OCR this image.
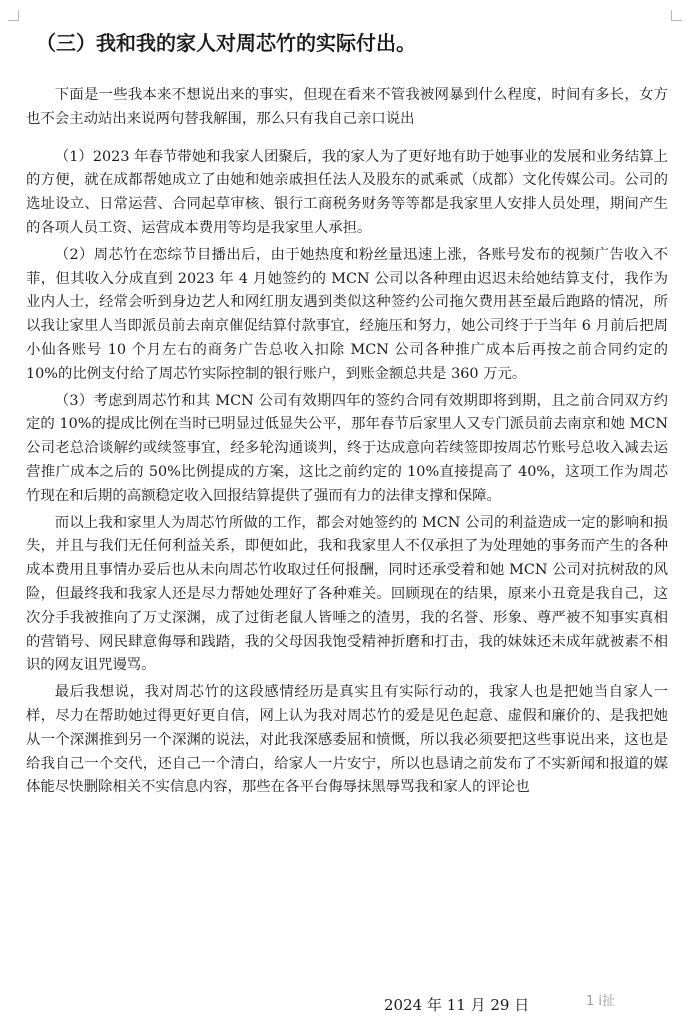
（三）我和我的家人对周芯竹的实际付出。

下面是一些我本来不想说出来的事实，但现在看来不管我被网暴到什么程度，时间有多长，女方也不会主动站出来说两句替我解围，那么只有我自己亲口说出

（1）2023 年春节带她和我家人团聚后，我的家人为了更好地有助于她事业的发展和业务结算上的方便，就在成都帮她成立了由她和她亲戚担任法人及股东的贰乘贰（成都）文化传媒公司。公司的选址设立、日常运营、合同起草审核、银行工商税务财务等等都是我家里人安排人员处理，期间产生的各项人员工资、运营成本费用等均是我家里人承担。

（2）周芯竹在恋综节目播出后，由于她热度和粉丝量迅速上涨，各账号发布的视频广告收入不菲，但其收入分成直到 2023 年 4 月她签约的 MCN 公司以各种理由迟迟未给她结算支付，我作为业内人士，经常会听到身边艺人和网红朋友遇到类似这种签约公司拖欠费用甚至最后跑路的情况，所以我让家里人当即派员前去南京催促结算付款事宜，经施压和努力，她公司终于于当年 6 月前后把周小仙各账号 10 个月左右的商务广告总收入扣除 MCN 公司各种推广成本后再按之前合同约定的 10%的比例支付给了周芯竹实际控制的银行账户，到账金额总共是 360 万元。

（3）考虑到周芯竹和其 MCN 公司有效期四年的签约合同有效期即将到期，且之前合同双方约定的 10%的提成比例在当时已明显过低显失公平，那年春节后家里人又专门派员前去南京和她 MCN 公司老总洽谈解约或续签事宜，经多轮沟通谈判，终于达成意向若续签即按周芯竹账号总收入减去运营推广成本之后的 50%比例提成的方案，这比之前约定的 10%直接提高了 40%，这项工作为周芯竹现在和后期的高额稳定收入回报结算提供了强而有力的法律支撑和保障。

而以上我和家里人为周芯竹所做的工作，都会对她签约的 MCN 公司的利益造成一定的影响和损失，并且与我们无任何利益关系，即便如此，我和我家里人不仅承担了为处理她的事务而产生的各种成本费用且事情办妥后也从未向周芯竹收取过任何报酬，同时还承受着和她 MCN 公司对抗树敌的风险，但最终我和我家人还是尽力帮她处理好了各种难关。回顾现在的结果，原来小丑竟是我自己，这次分手我被推向了万丈深渊，成了过街老鼠人皆唾之的渣男，我的名誉、形象、尊严被不知事实真相的营销号、网民肆意侮辱和践踏，我的父母因我饱受精神折磨和打击，我的妹妹还未成年就被素不相识的网友诅咒谩骂。

最后我想说，我对周芯竹的这段感情经历是真实且有实际行动的，我家人也是把她当自家人一样，尽力在帮助她过得更好更自信，网上认为我对周芯竹的爱是见色起意、虚假和廉价的、是我把她从一个深渊推到另一个深渊的说法，对此我深感委屈和愤慨，所以我必须要把这些事说出来，这也是给我自己一个交代，还自己一个清白，给家人一片安宁，所以也恳请之前发布了不实新闻和报道的媒体能尽快删除相关不实信息内容，那些在各平台侮辱抹黑辱骂我和家人的评论也

2024 年 11 月 29 日	1 i扯
